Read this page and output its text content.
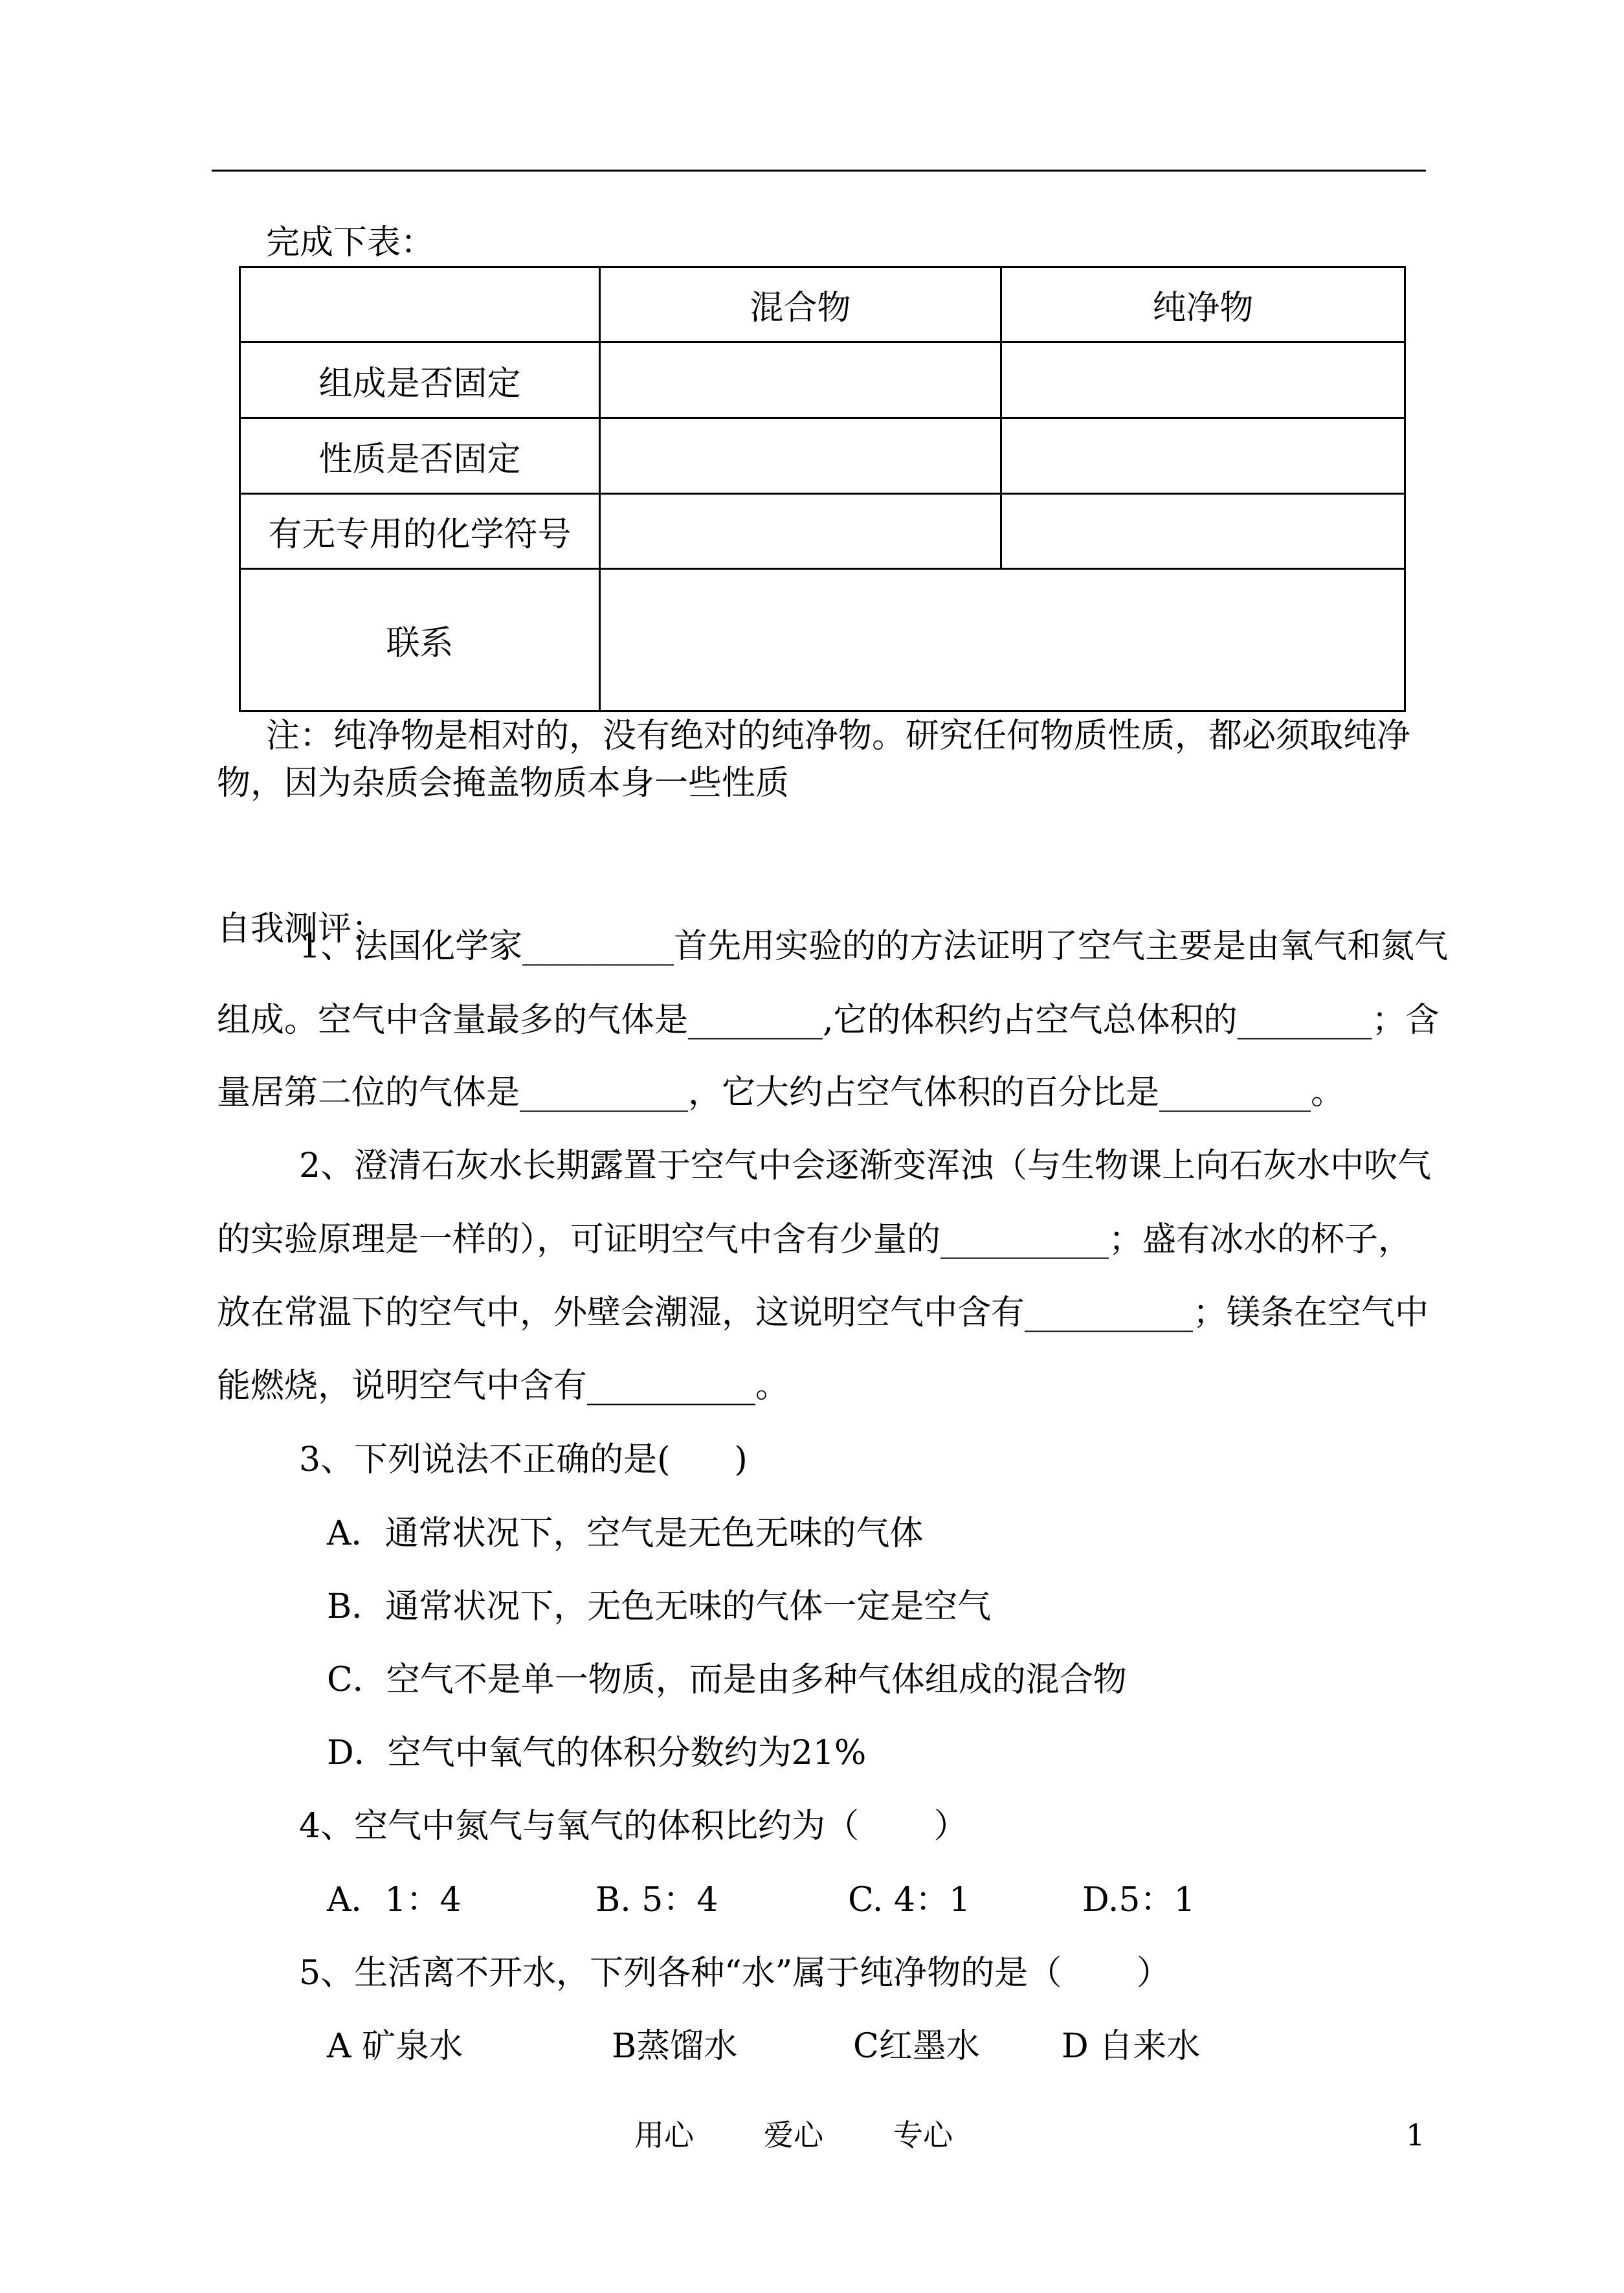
完成下表：
	混合物	纯净物
组成是否固定		
性质是否固定		
有无专用的化学符号		
联系		
注：纯净物是相对的，没有绝对的纯净物。研究任何物质性质，都必须取纯净
物，因为杂质会掩盖物质本身一些性质
自我测评：
1、法国化学家_________首先用实验的的方法证明了空气主要是由氧气和氮气
组成。空气中含量最多的气体是________,它的体积约占空气总体积的________；含
量居第二位的气体是__________，它大约占空气体积的百分比是_________。
2、澄清石灰水长期露置于空气中会逐渐变浑浊（与生物课上向石灰水中吹气
的实验原理是一样的），可证明空气中含有少量的__________；盛有冰水的杯子，
放在常温下的空气中，外壁会潮湿，这说明空气中含有__________；镁条在空气中
能燃烧，说明空气中含有__________。
3、下列说法不正确的是(      )
A．通常状况下，空气是无色无味的气体
B．通常状况下，无色无味的气体一定是空气
C．空气不是单一物质，而是由多种气体组成的混合物
D．空气中氧气的体积分数约为21%
4、空气中氮气与氧气的体积比约为（       ）
A．1：4	B. 5：4	C. 4：1	D.5：1
5、生活离不开水，下列各种“水”属于纯净物的是（       ）
A 矿泉水	B蒸馏水	C红墨水 D 自来水
用心 爱心 专心	1
